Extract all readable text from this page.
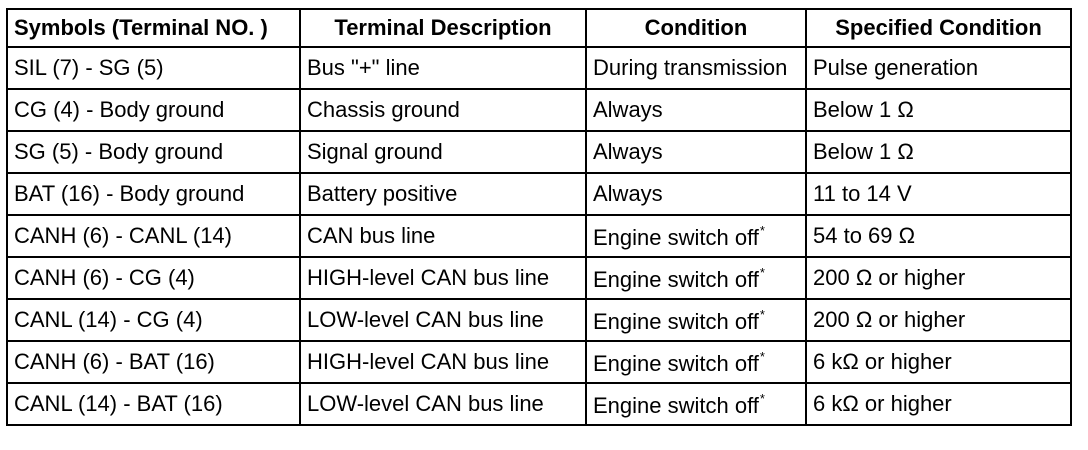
Symbols (Terminal NO. )	Terminal Description	Condition	Specified Condition
SIL (7) - SG (5)	Bus "+" line	During transmission	Pulse generation
CG (4) - Body ground	Chassis ground	Always	Below 1 Ω
SG (5) - Body ground	Signal ground	Always	Below 1 Ω
BAT (16) - Body ground	Battery positive	Always	11 to 14 V
CANH (6) - CANL (14)	CAN bus line	Engine switch off*	54 to 69 Ω
CANH (6) - CG (4)	HIGH-level CAN bus line	Engine switch off*	200 Ω or higher
CANL (14) - CG (4)	LOW-level CAN bus line	Engine switch off*	200 Ω or higher
CANH (6) - BAT (16)	HIGH-level CAN bus line	Engine switch off*	6 kΩ or higher
CANL (14) - BAT (16)	LOW-level CAN bus line	Engine switch off*	6 kΩ or higher
